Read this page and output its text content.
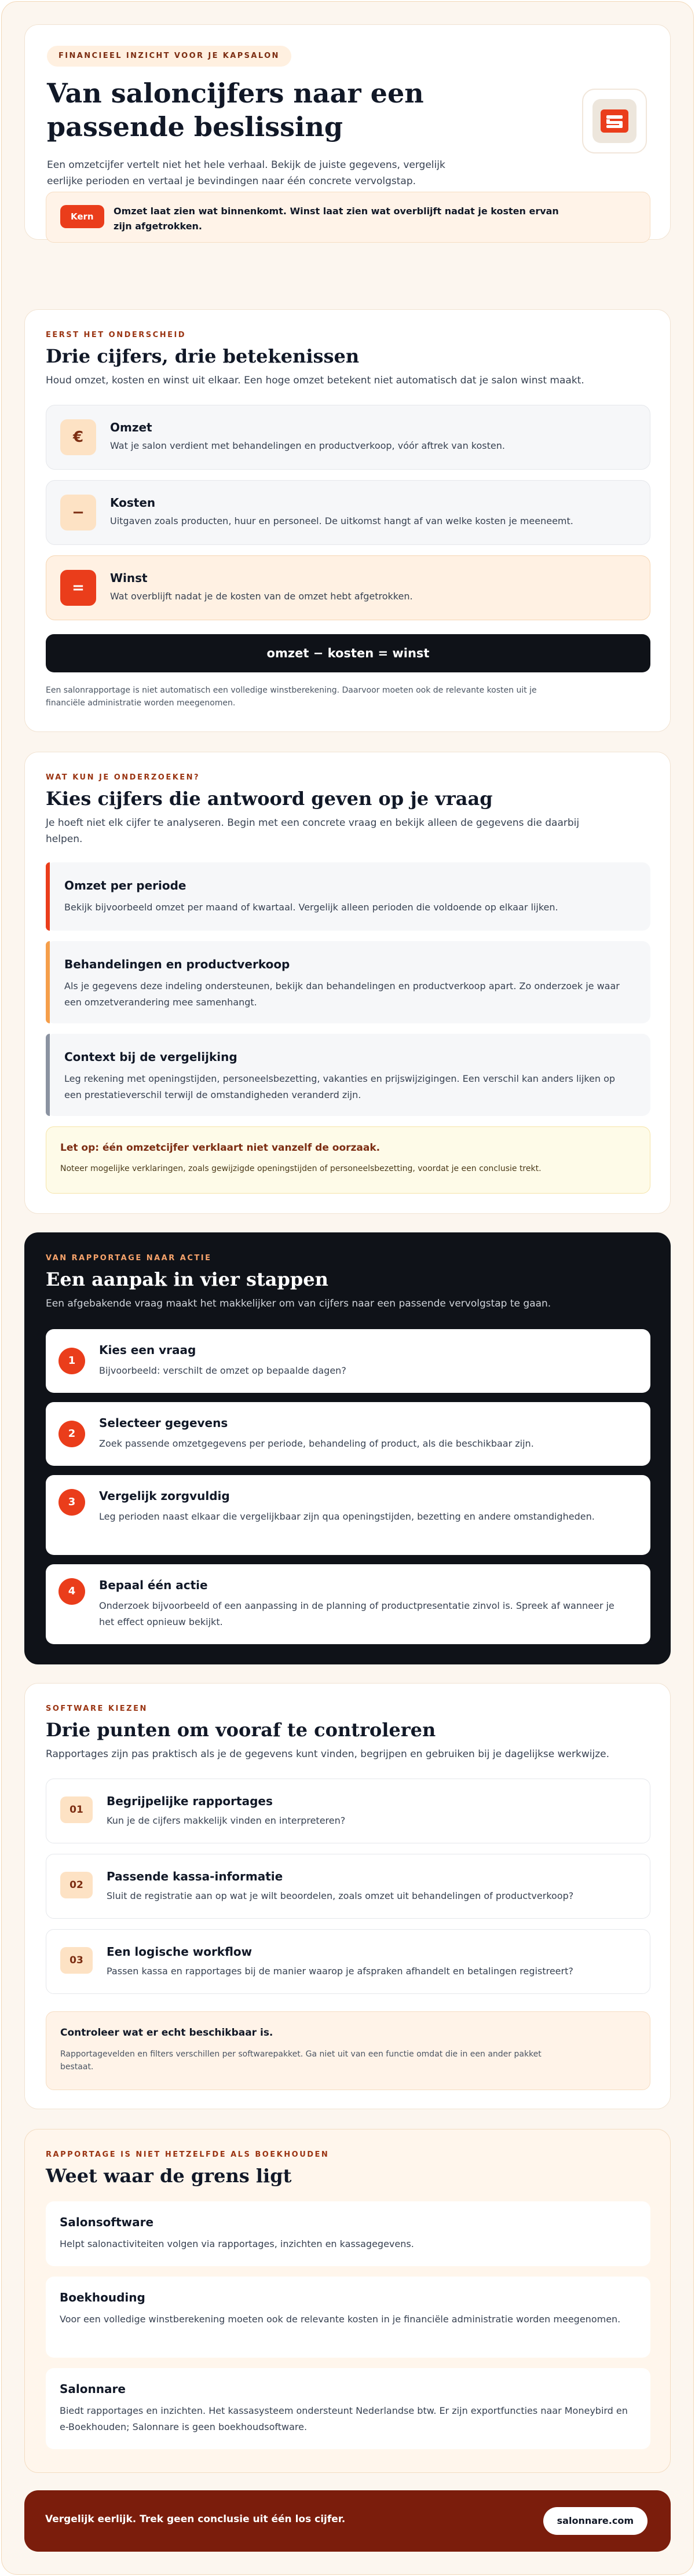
FINANCIEEL INZICHT VOOR JE KAPSALON
Van saloncijfers naar een
passende beslissing
Een omzetcijfer vertelt niet het hele verhaal. Bekijk de juiste gegevens, vergelijk
eerlijke perioden en vertaal je bevindingen naar één concrete vervolgstap.
Kern	Omzet laat zien wat binnenkomt. Winst laat zien wat overblijft nadat je kosten ervan
zijn afgetrokken.
EERST HET ONDERSCHEID
Drie cijfers, drie betekenissen
Houd omzet, kosten en winst uit elkaar. Een hoge omzet betekent niet automatisch dat je salon winst maakt.
€
Omzet
Wat je salon verdient met behandelingen en productverkoop, vóór aftrek van kosten.
−
Kosten
Uitgaven zoals producten, huur en personeel. De uitkomst hangt af van welke kosten je meeneemt.
=
Winst
Wat overblijft nadat je de kosten van de omzet hebt afgetrokken.
omzet − kosten = winst
Een salonrapportage is niet automatisch een volledige winstberekening. Daarvoor moeten ook de relevante kosten uit je
financiële administratie worden meegenomen.
WAT KUN JE ONDERZOEKEN?
Kies cijfers die antwoord geven op je vraag
Je hoeft niet elk cijfer te analyseren. Begin met een concrete vraag en bekijk alleen de gegevens die daarbij
helpen.
Omzet per periode
Bekijk bijvoorbeeld omzet per maand of kwartaal. Vergelijk alleen perioden die voldoende op elkaar lijken.
Behandelingen en productverkoop
Als je gegevens deze indeling ondersteunen, bekijk dan behandelingen en productverkoop apart. Zo onderzoek je waar een omzetverandering mee samenhangt.
Context bij de vergelijking
Leg rekening met openingstijden, personeelsbezetting, vakanties en prijswijzigingen. Een verschil kan anders lijken op een prestatieverschil terwijl de omstandigheden veranderd zijn.
Let op: één omzetcijfer verklaart niet vanzelf de oorzaak.
Noteer mogelijke verklaringen, zoals gewijzigde openingstijden of personeelsbezetting, voordat je een conclusie trekt.
VAN RAPPORTAGE NAAR ACTIE
Een aanpak in vier stappen
Een afgebakende vraag maakt het makkelijker om van cijfers naar een passende vervolgstap te gaan.
1
Kies een vraag
Bijvoorbeeld: verschilt de omzet op bepaalde dagen?
2
Selecteer gegevens
Zoek passende omzetgegevens per periode, behandeling of product, als die beschikbaar zijn.
3	Vergelijk zorgvuldig
Leg perioden naast elkaar die vergelijkbaar zijn qua openingstijden, bezetting en andere omstandigheden.
4	Bepaal één actie
Onderzoek bijvoorbeeld of een aanpassing in de planning of productpresentatie zinvol is. Spreek af wanneer je het effect opnieuw bekijkt.
SOFTWARE KIEZEN
Drie punten om vooraf te controleren
Rapportages zijn pas praktisch als je de gegevens kunt vinden, begrijpen en gebruiken bij je dagelijkse werkwijze.
01
Begrijpelijke rapportages
Kun je de cijfers makkelijk vinden en interpreteren?
02
Passende kassa-informatie
Sluit de registratie aan op wat je wilt beoordelen, zoals omzet uit behandelingen of productverkoop?
03
Een logische workflow
Passen kassa en rapportages bij de manier waarop je afspraken afhandelt en betalingen registreert?
Controleer wat er echt beschikbaar is.
Rapportagevelden en filters verschillen per softwarepakket. Ga niet uit van een functie omdat die in een ander pakket
bestaat.
RAPPORTAGE IS NIET HETZELFDE ALS BOEKHOUDEN
Weet waar de grens ligt
Salonsoftware
Helpt salonactiviteiten volgen via rapportages, inzichten en kassagegevens.
Boekhouding
Voor een volledige winstberekening moeten ook de relevante kosten in je financiële administratie worden meegenomen.
Salonnare
Biedt rapportages en inzichten. Het kassasysteem ondersteunt Nederlandse btw. Er zijn exportfuncties naar Moneybird en e-Boekhouden; Salonnare is geen boekhoudsoftware.
Vergelijk eerlijk. Trek geen conclusie uit één los cijfer.	salonnare.com
